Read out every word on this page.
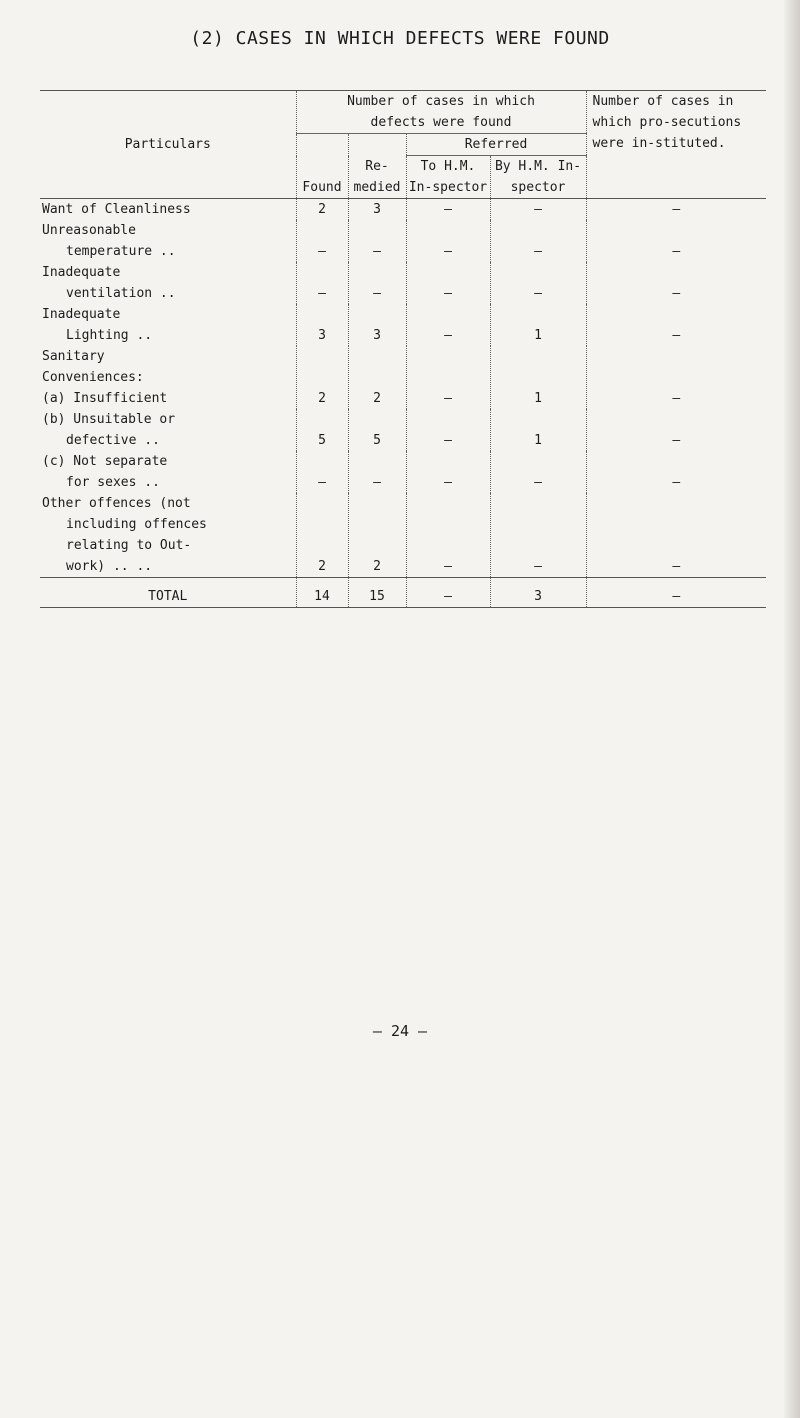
(2) CASES IN WHICH DEFECTS WERE FOUND

Particulars	Number of cases in which defects were found				Number of cases in which pro-secutions were in-stituted.
	Found	Re-medied	Referred		
			To H.M. In-spector	By H.M. In-spector	

Want of Cleanliness	2	3	–	–	–

Unreasonable
temperature ..	–	–	–	–	–

Inadequate
ventilation ..	–	–	–	–	–

Inadequate
Lighting ..	3	3	–	1	–

Sanitary
Conveniences:
(a) Insufficient	2	2	–	1	–

(b) Unsuitable or
defective ..	5	5	–	1	–

(c) Not separate
for sexes ..	–	–	–	–	–

Other offences (not
including offences
relating to Out-
work) .. ..	2	2	–	–	–
TOTAL	14	15	–	3	–
– 24 –
